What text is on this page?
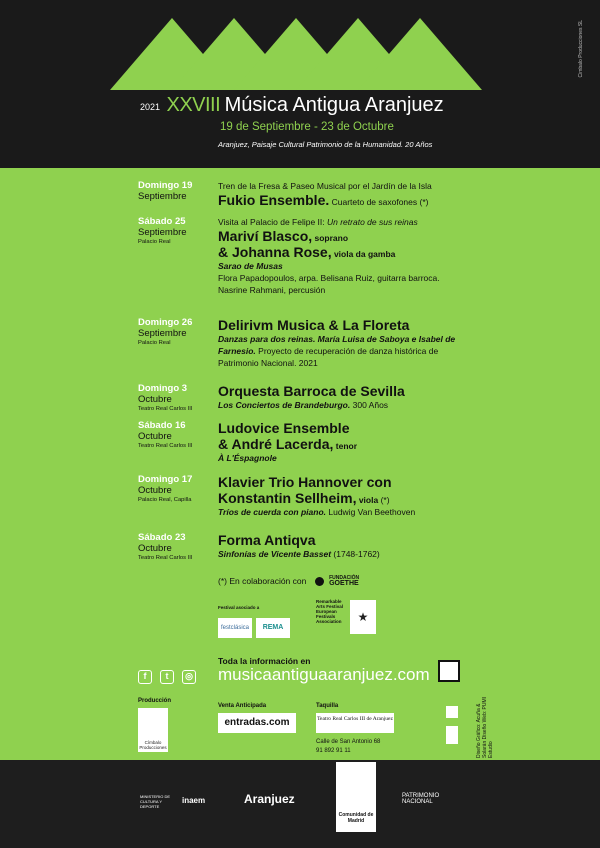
Cimbalo Producciones SL
2021 XXVIII Música Antigua Aranjuez
19 de Septiembre - 23 de Octubre
Aranjuez, Paisaje Cultural Patrimonio de la Humanidad. 20 Años
Domingo 19
Septiembre
Tren de la Fresa & Paseo Musical por el Jardín de la Isla
Fukio Ensemble. Cuarteto de saxofones (*)
Sábado 25
Septiembre
Palacio Real
Visita al Palacio de Felipe II: Un retrato de sus reinas
Mariví Blasco, soprano
& Johanna Rose, viola da gamba
Sarao de Musas
Flora Papadopoulos, arpa. Belisana Ruiz, guitarra barroca. Nasrine Rahmani, percusión
Domingo 26
Septiembre
Palacio Real
Delirivm Musica & La Floreta
Danzas para dos reinas. María Luisa de Saboya e Isabel de Farnesio. Proyecto de recuperación de danza histórica de Patrimonio Nacional. 2021
Domingo 3
Octubre
Teatro Real Carlos III
Orquesta Barroca de Sevilla
Los Conciertos de Brandeburgo. 300 Años
Sábado 16
Octubre
Teatro Real Carlos III
Ludovice Ensemble
& André Lacerda, tenor
À L'Éspagnole
Domingo 17
Octubre
Palacio Real, Capilla
Klavier Trio Hannover con
Konstantin Sellheim, viola (*)
Tríos de cuerda con piano. Ludwig Van Beethoven
Sábado 23
Octubre
Teatro Real Carlos III
Forma Antiqva
Sinfonías de Vicente Basset (1748-1762)
(*) En colaboración con	FUNDACIÓN
GOETHE
Festival asociado a
festclásica	REMA
Remarkable Arts Festival European Festivals Association	★
f t ◎
Toda la información en
musicaantiguaaranjuez.com
Producción
Címbalo Producciones
Venta Anticipada
entradas.com
Taquilla
Teatro Real Carlos III de Aranjuez
Calle de San Antonio 68
91 892 91 11	Diseño Gráfico: Acuña & Solarán Diseño Web: PUMI Estudio
MINISTERIO DE CULTURA Y DEPORTE
inaem	Aranjuez
Comunidad de Madrid
PATRIMONIO NACIONAL
